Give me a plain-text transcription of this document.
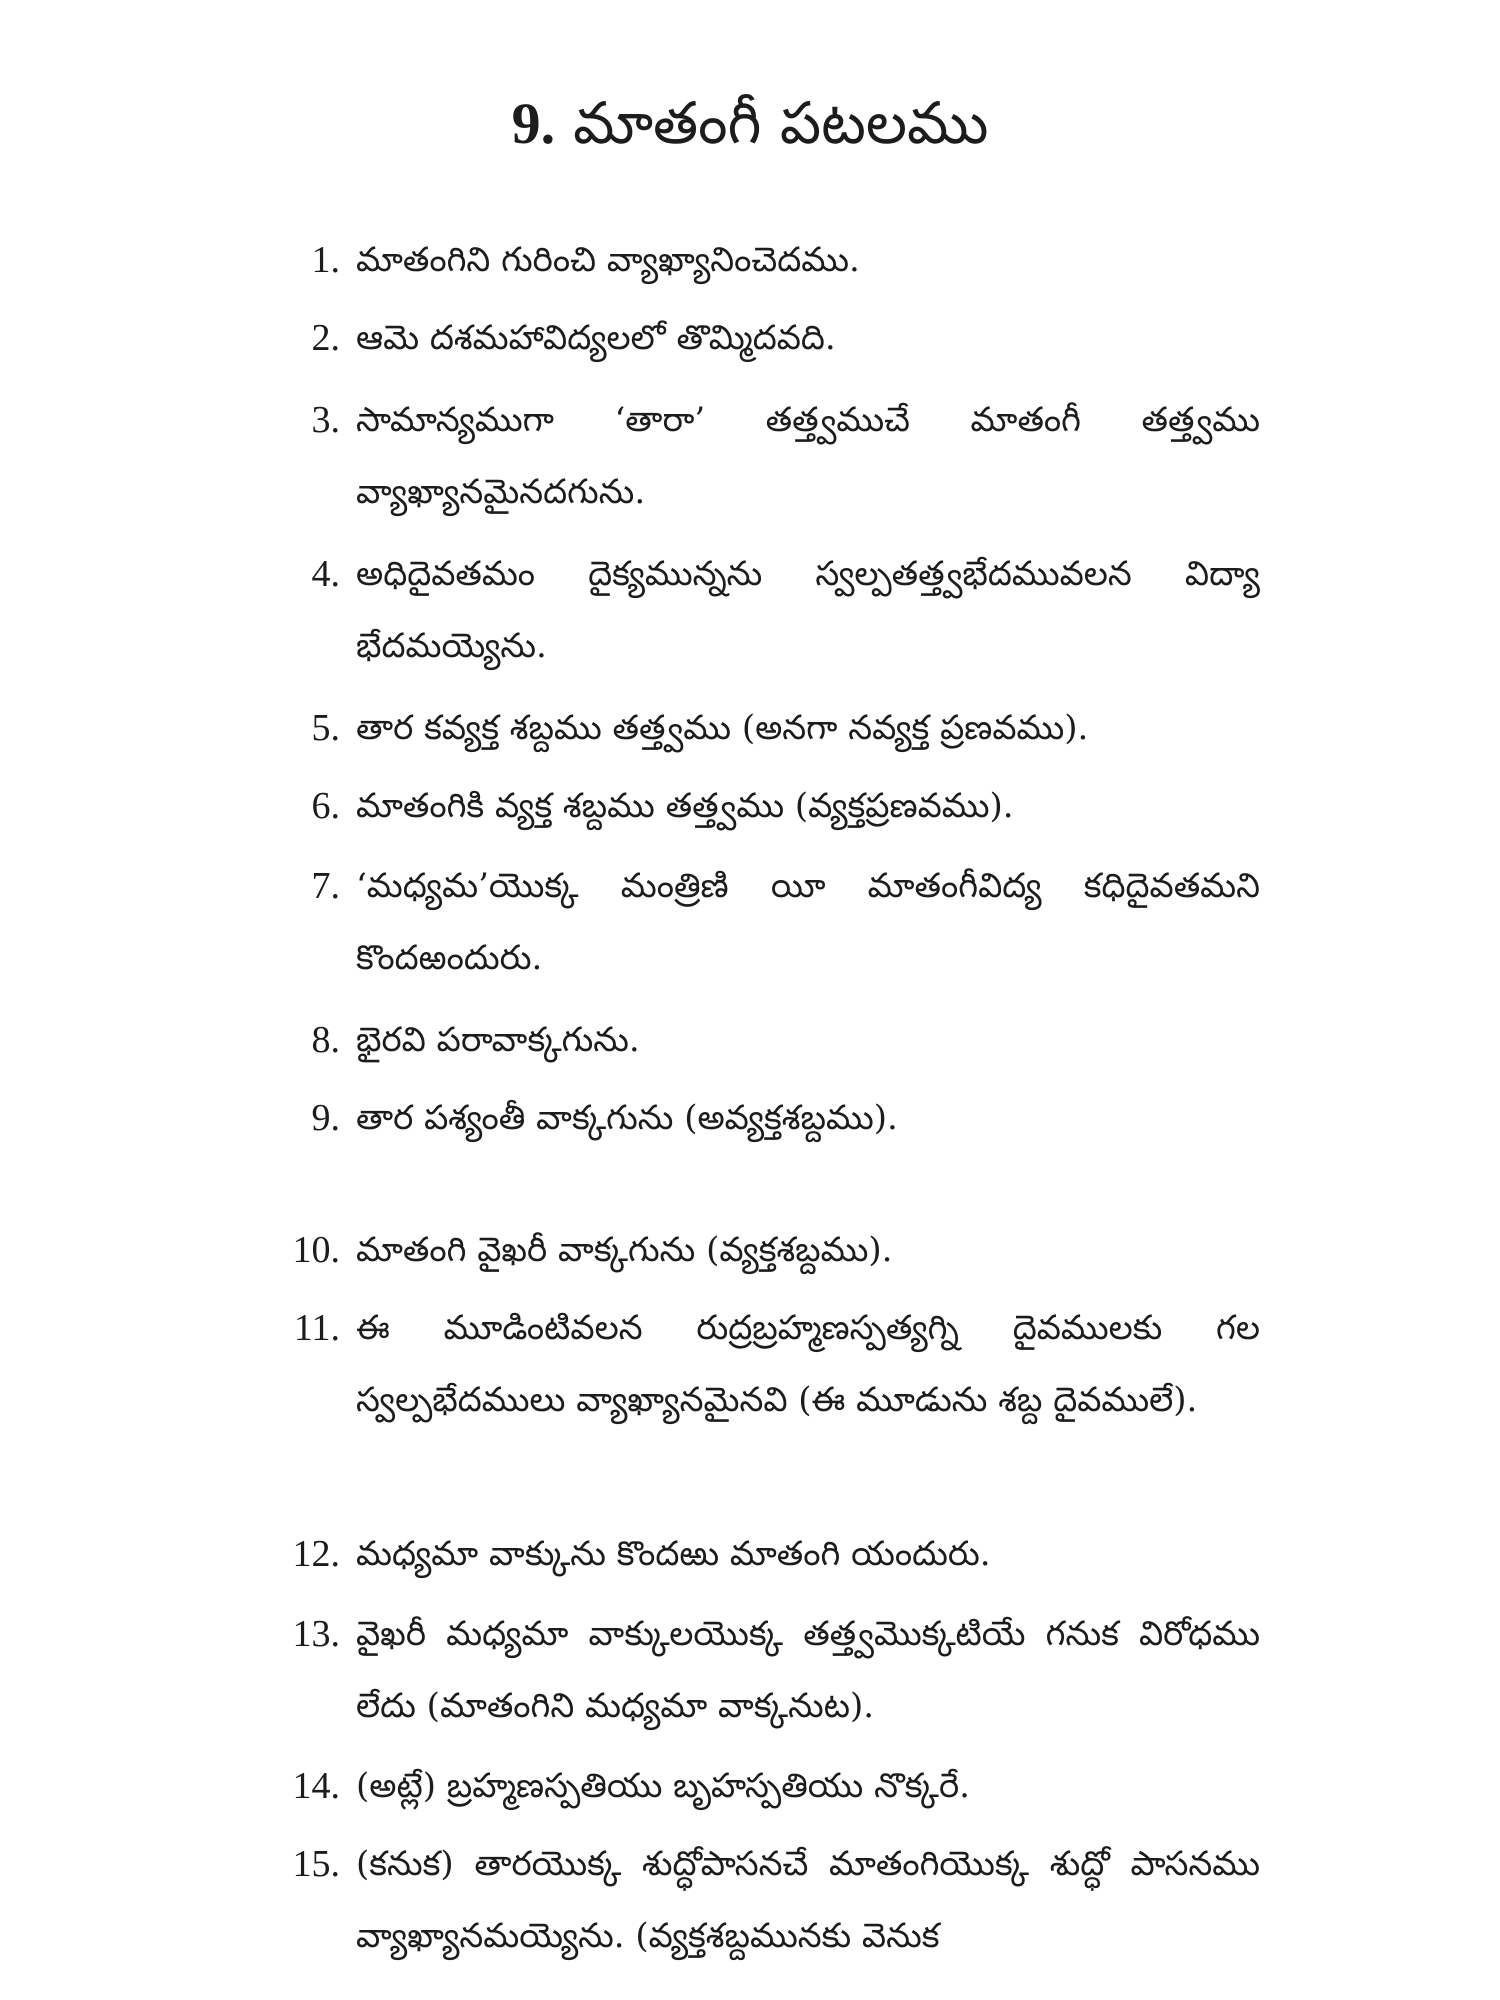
9. మాతంగీ పటలము
1. మాతంగిని గురించి వ్యాఖ్యానించెదము.
2. ఆమె దశమహావిద్యలలో తొమ్మిదవది.
3. సామాన్యముగా ‘తారా’ తత్త్వముచే మాతంగీ తత్త్వము వ్యాఖ్యానమైనదగును.
4. అధిదైవతమం దైక్యమున్నను స్వల్పతత్త్వభేదమువలన విద్యా భేదమయ్యెను.
5. తార కవ్యక్త శబ్దము తత్త్వము (అనగా నవ్యక్త ప్రణవము).
6. మాతంగికి వ్యక్త శబ్దము తత్త్వము (వ్యక్తప్రణవము).
7. ‘మధ్యమ’యొక్క మంత్రిణి యీ మాతంగీవిద్య కధిదైవతమని కొందఱందురు.
8. భైరవి పరావాక్కగును.
9. తార పశ్యంతీ వాక్కగును (అవ్యక్తశబ్దము).
10. మాతంగి వైఖరీ వాక్కగును (వ్యక్తశబ్దము).
11. ఈ మూడింటివలన రుద్రబ్రహ్మణస్పత్యగ్ని దైవములకు గల స్వల్పభేదములు వ్యాఖ్యానమైనవి (ఈ మూడును శబ్ద దైవములే).
12. మధ్యమా వాక్కును కొందఱు మాతంగి యందురు.
13. వైఖరీ మధ్యమా వాక్కులయొక్క తత్త్వమొక్కటియే గనుక విరోధము లేదు (మాతంగిని మధ్యమా వాక్కనుట).
14. (అట్లే) బ్రహ్మణస్పతియు బృహస్పతియు నొక్కరే.
15. (కనుక) తారయొక్క శుద్ధోపాసనచే మాతంగియొక్క శుద్ధో పాసనము వ్యాఖ్యానమయ్యెను. (వ్యక్తశబ్దమునకు వెనుక
